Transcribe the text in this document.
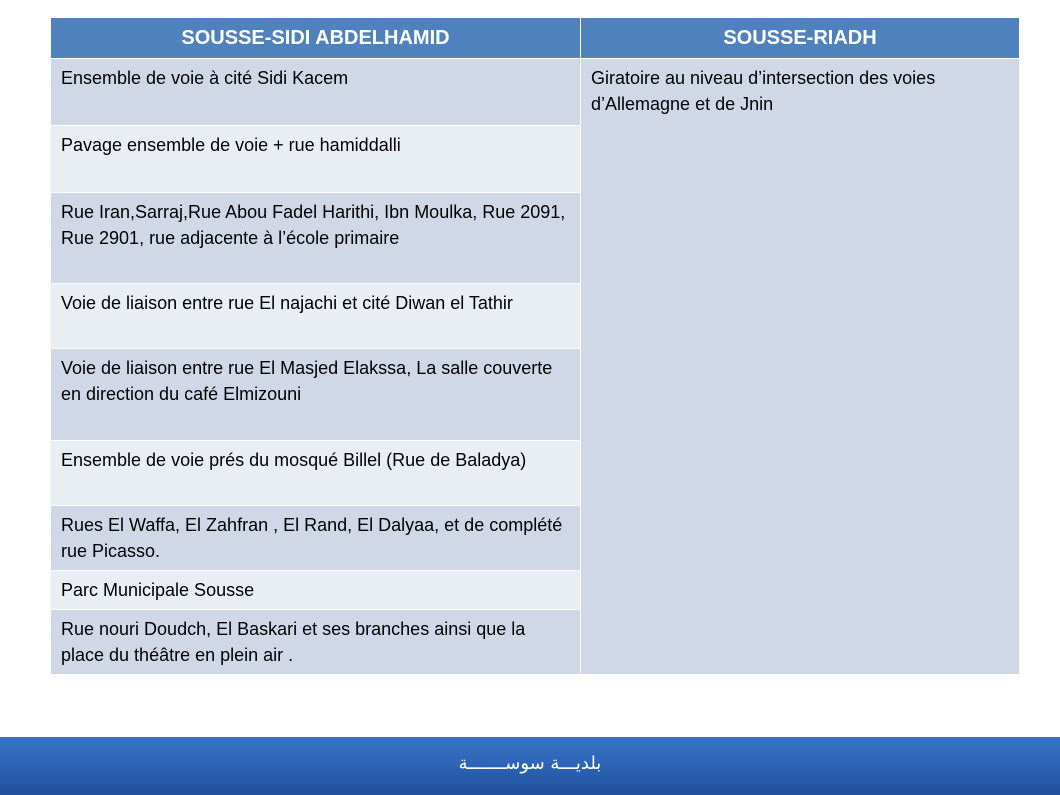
SOUSSE-SIDI ABDELHAMID	SOUSSE-RIADH
Ensemble de voie à cité Sidi Kacem	Giratoire au niveau d’intersection des voies d’Allemagne et de Jnin
Pavage ensemble de voie + rue hamiddalli	
Rue Iran,Sarraj,Rue Abou Fadel Harithi, Ibn Moulka, Rue 2091, Rue 2901, rue adjacente à l’école primaire	
Voie de liaison entre rue El najachi et cité Diwan el Tathir	
Voie de liaison entre rue El Masjed Elakssa, La salle couverte en direction du café Elmizouni	
Ensemble de voie prés du mosqué Billel (Rue de Baladya)	
Rues El Waffa, El Zahfran , El Rand, El Dalyaa, et de complété rue Picasso.	
Parc Municipale Sousse	
Rue nouri Doudch, El Baskari et ses branches ainsi que la place du théâtre en plein air .	
بلديـــة سوســـــــة
